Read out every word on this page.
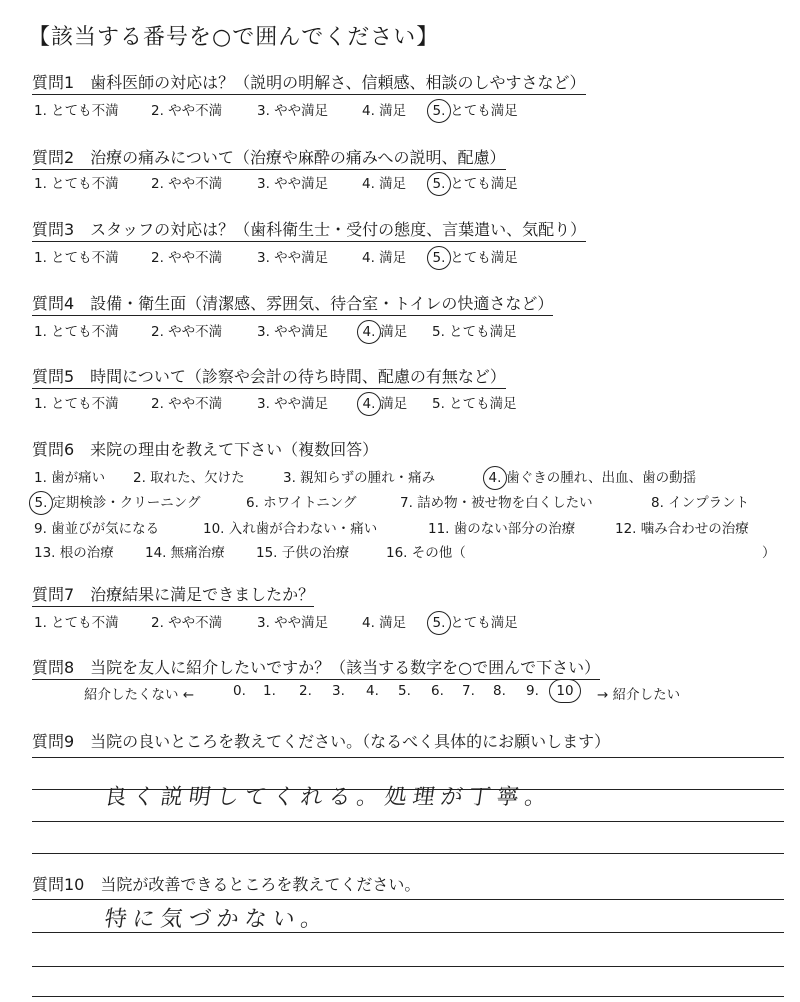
【該当する番号を○で囲んでください】
質問1　歯科医師の対応は？（説明の明解さ、信頼感、相談のしやすさなど）
1. とても不満 2. やや不満	3. やや満足	4. 満足 5. とても満足
質問2　治療の痛みについて（治療や麻酔の痛みへの説明、配慮）
1. とても不満 2. やや不満	3. やや満足	4. 満足 5. とても満足
質問3　スタッフの対応は？（歯科衛生士・受付の態度、言葉遣い、気配り）
1. とても不満 2. やや不満	3. やや満足	4. 満足 5. とても満足
質問4　設備・衛生面（清潔感、雰囲気、待合室・トイレの快適さなど）
1. とても不満 2. やや不満	3. やや満足	4. 満足 5. とても満足
質問5　時間について（診察や会計の待ち時間、配慮の有無など）
1. とても不満 2. やや不満	3. やや満足	4. 満足 5. とても満足
質問6　来院の理由を教えて下さい（複数回答）
1. 歯が痛い 2. 取れた、欠けた	3. 親知らずの腫れ・痛み	4. 歯ぐきの腫れ、出血、歯の動揺
5. 定期検診・クリーニング	6. ホワイトニング	7. 詰め物・被せ物を白くしたい	8. インプラント
9. 歯並びが気になる	10. 入れ歯が合わない・痛い	11. 歯のない部分の治療	12. 噛み合わせの治療
13. 根の治療 14. 無痛治療 15. 子供の治療	16. その他（	）
質問7　治療結果に満足できましたか？
1. とても不満 2. やや不満	3. やや満足	4. 満足 5. とても満足
質問8　当院を友人に紹介したいですか？（該当する数字を○で囲んで下さい）
紹介したくない ←	0. 1. 2. 3. 4. 5. 6. 7. 8. 9. 10 → 紹介したい
質問9　当院の良いところを教えてください。（なるべく具体的にお願いします）
良く説明してくれる。処理が丁寧。
質問10　当院が改善できるところを教えてください。
特に気づかない。
